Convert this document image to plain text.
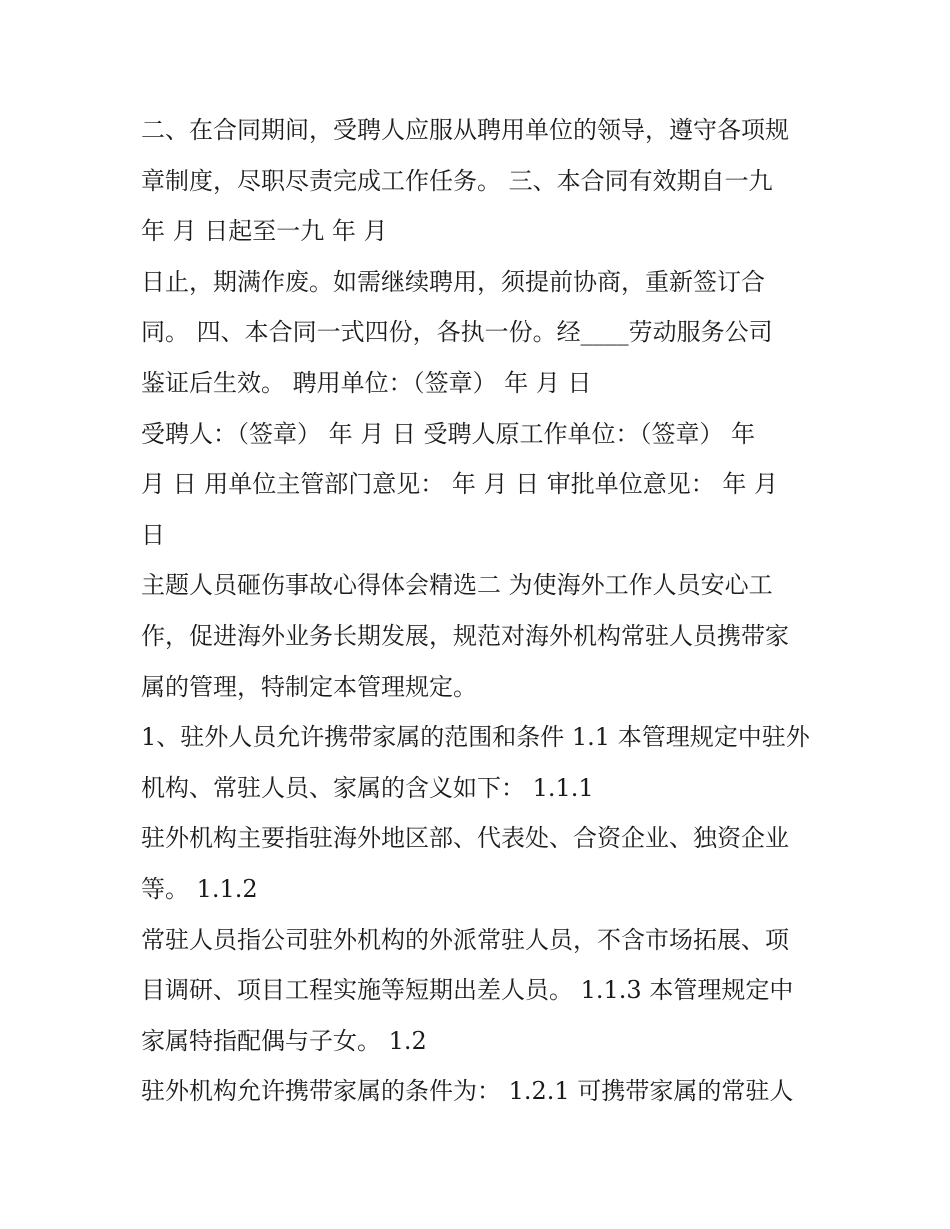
二、在合同期间，受聘人应服从聘用单位的领导，遵守各项规
章制度，尽职尽责完成工作任务。 三、本合同有效期自一九
年 月 日起至一九 年 月
日止，期满作废。如需继续聘用，须提前协商，重新签订合
同。 四、本合同一式四份，各执一份。经____劳动服务公司
鉴证后生效。 聘用单位：（签章） 年 月 日
受聘人：（签章） 年 月 日 受聘人原工作单位：（签章） 年
月 日 用单位主管部门意见： 年 月 日 审批单位意见： 年 月
日
主题人员砸伤事故心得体会精选二 为使海外工作人员安心工
作，促进海外业务长期发展，规范对海外机构常驻人员携带家
属的管理，特制定本管理规定。
1、驻外人员允许携带家属的范围和条件 1.1 本管理规定中驻外
机构、常驻人员、家属的含义如下： 1.1.1
驻外机构主要指驻海外地区部、代表处、合资企业、独资企业
等。 1.1.2
常驻人员指公司驻外机构的外派常驻人员，不含市场拓展、项
目调研、项目工程实施等短期出差人员。 1.1.3 本管理规定中
家属特指配偶与子女。 1.2
驻外机构允许携带家属的条件为： 1.2.1 可携带家属的常驻人
